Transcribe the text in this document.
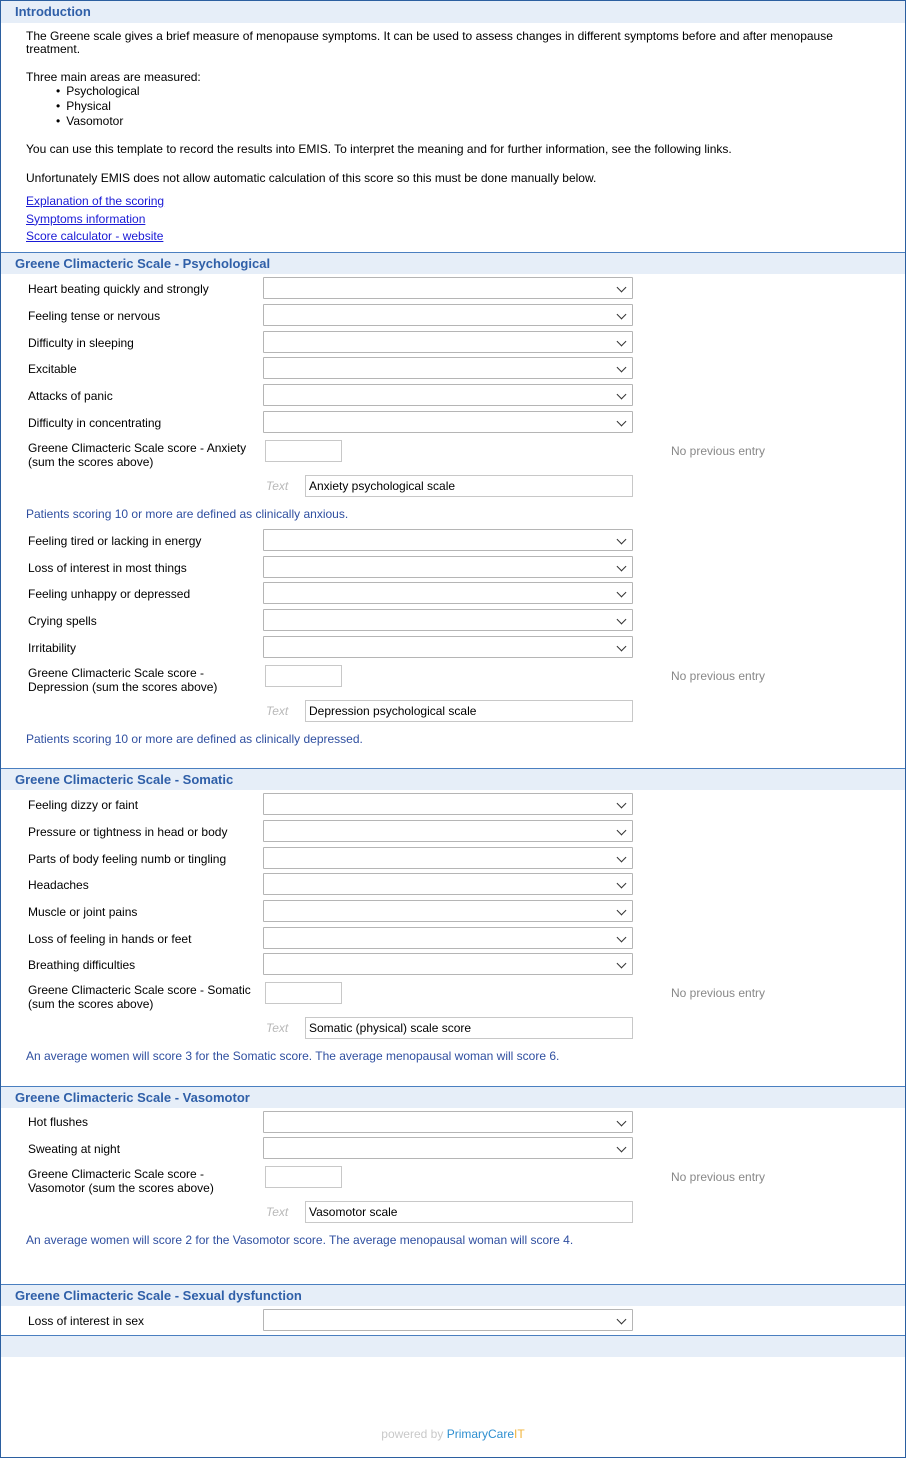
Introduction

The Greene scale gives a brief measure of menopause symptoms. It can be used to assess changes in different symptoms before and after menopause treatment.

Three main areas are measured:

• Psychological
• Physical
• Vasomotor

You can use this template to record the results into EMIS. To interpret the meaning and for further information, see the following links.

Unfortunately EMIS does not allow automatic calculation of this score so this must be done manually below.

Explanation of the scoring
Symptoms information
Score calculator - website
Greene Climacteric Scale - Psychological
Heart beating quickly and strongly
Feeling tense or nervous
Difficulty in sleeping
Excitable
Attacks of panic
Difficulty in concentrating
Greene Climacteric Scale score - Anxiety (sum the scores above)
No previous entry
Text	Anxiety psychological scale
Patients scoring 10 or more are defined as clinically anxious.
Feeling tired or lacking in energy
Loss of interest in most things
Feeling unhappy or depressed
Crying spells
Irritability
Greene Climacteric Scale score - Depression (sum the scores above)
No previous entry
Text	Depression psychological scale
Patients scoring 10 or more are defined as clinically depressed.
Greene Climacteric Scale - Somatic
Feeling dizzy or faint
Pressure or tightness in head or body
Parts of body feeling numb or tingling
Headaches
Muscle or joint pains
Loss of feeling in hands or feet
Breathing difficulties
Greene Climacteric Scale score - Somatic (sum the scores above)
No previous entry
Text	Somatic (physical) scale score
An average women will score 3 for the Somatic score. The average menopausal woman will score 6.
Greene Climacteric Scale - Vasomotor
Hot flushes
Sweating at night
Greene Climacteric Scale score - Vasomotor (sum the scores above)
No previous entry
Text	Vasomotor scale
An average women will score 2 for the Vasomotor score. The average menopausal woman will score 4.
Greene Climacteric Scale - Sexual dysfunction
Loss of interest in sex
powered by PrimaryCareIT
